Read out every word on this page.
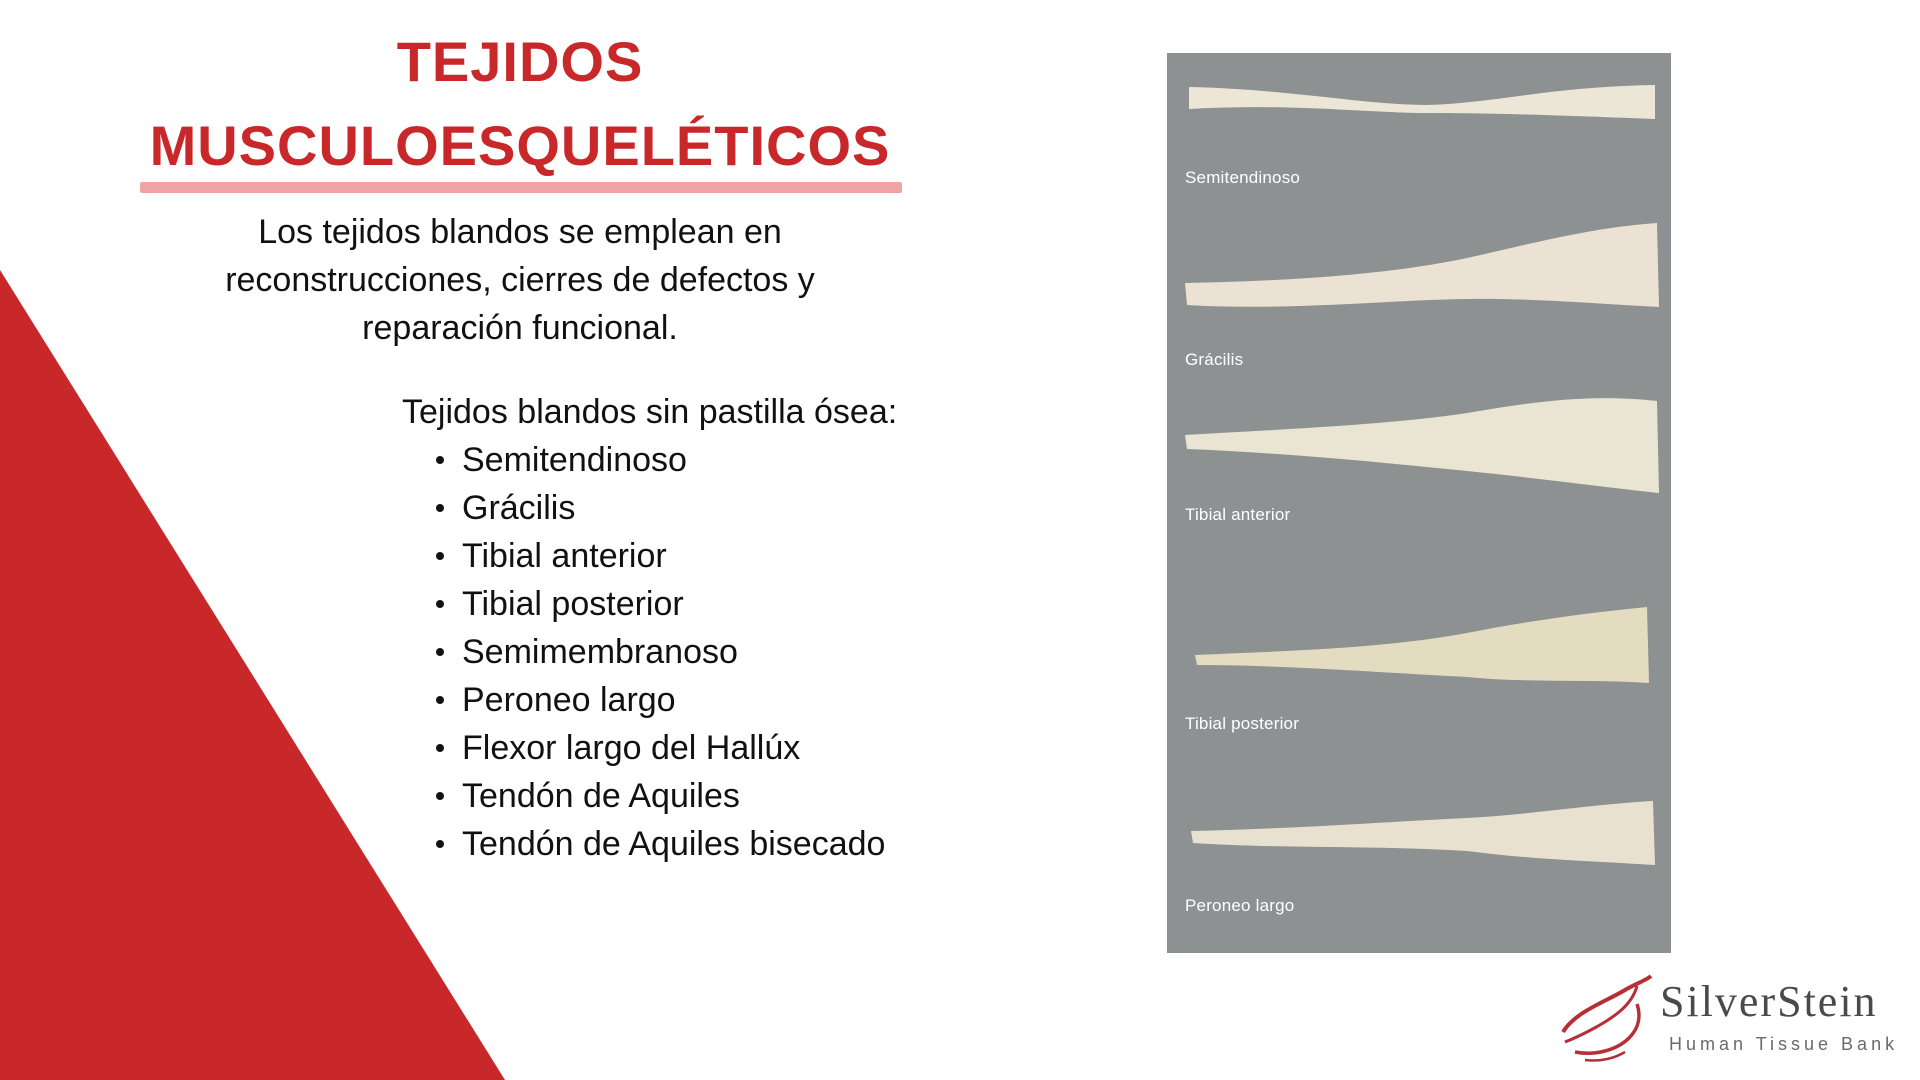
TEJIDOS
MUSCULOESQUELÉTICOS
Los tejidos blandos se emplean en
reconstrucciones, cierres de defectos y
reparación funcional.
Tejidos blandos sin pastilla ósea:
Semitendinoso
Grácilis
Tibial anterior
Tibial posterior
Semimembranoso
Peroneo largo
Flexor largo del Hallúx
Tendón de Aquiles
Tendón de Aquiles bisecado
Semitendinoso
Grácilis
Tibial anterior
Tibial posterior
Peroneo largo
SilverStein
Human Tissue Bank
